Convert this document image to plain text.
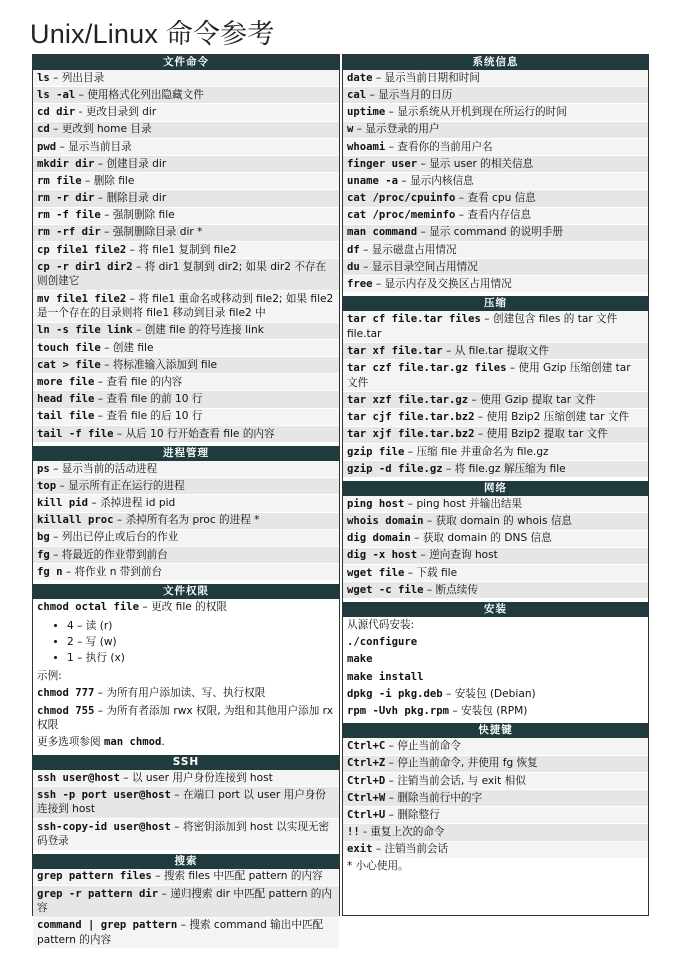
Unix/Linux 命令参考
文件命令
ls – 列出目录
ls -al – 使用格式化列出隐藏文件
cd dir - 更改目录到 dir
cd – 更改到 home 目录
pwd – 显示当前目录
mkdir dir – 创建目录 dir
rm file – 删除 file
rm -r dir – 删除目录 dir
rm -f file – 强制删除 file
rm -rf dir – 强制删除目录 dir *
cp file1 file2 – 将 file1 复制到 file2
cp -r dir1 dir2 – 将 dir1 复制到 dir2; 如果 dir2 不存在则创建它
mv file1 file2 – 将 file1 重命名或移动到 file2; 如果 file2 是一个存在的目录则将 file1 移动到目录 file2 中
ln -s file link – 创建 file 的符号连接 link
touch file – 创建 file
cat > file – 将标准输入添加到 file
more file – 查看 file 的内容
head file – 查看 file 的前 10 行
tail file – 查看 file 的后 10 行
tail -f file – 从后 10 行开始查看 file 的内容
进程管理
ps – 显示当前的活动进程
top – 显示所有正在运行的进程
kill pid – 杀掉进程 id pid
killall proc – 杀掉所有名为 proc 的进程 *
bg – 列出已停止或后台的作业
fg – 将最近的作业带到前台
fg n – 将作业 n 带到前台
文件权限
chmod octal file – 更改 file 的权限
• 4 – 读 (r)
• 2 – 写 (w)
• 1 – 执行 (x)
示例:
chmod 777 – 为所有用户添加读、写、执行权限
chmod 755 – 为所有者添加 rwx 权限, 为组和其他用户添加 rx 权限
更多选项参阅 man chmod.
SSH
ssh user@host – 以 user 用户身份连接到 host
ssh -p port user@host – 在端口 port 以 user 用户身份连接到 host
ssh-copy-id user@host – 将密钥添加到 host 以实现无密码登录
搜索
grep pattern files – 搜索 files 中匹配 pattern 的内容
grep -r pattern dir – 递归搜索 dir 中匹配 pattern 的内容
command | grep pattern – 搜索 command 输出中匹配 pattern 的内容
系统信息
date – 显示当前日期和时间
cal – 显示当月的日历
uptime – 显示系统从开机到现在所运行的时间
w – 显示登录的用户
whoami – 查看你的当前用户名
finger user – 显示 user 的相关信息
uname -a – 显示内核信息
cat /proc/cpuinfo – 查看 cpu 信息
cat /proc/meminfo – 查看内存信息
man command – 显示 command 的说明手册
df – 显示磁盘占用情况
du – 显示目录空间占用情况
free – 显示内存及交换区占用情况
压缩
tar cf file.tar files – 创建包含 files 的 tar 文件 file.tar
tar xf file.tar – 从 file.tar 提取文件
tar czf file.tar.gz files – 使用 Gzip 压缩创建 tar 文件
tar xzf file.tar.gz – 使用 Gzip 提取 tar 文件
tar cjf file.tar.bz2 – 使用 Bzip2 压缩创建 tar 文件
tar xjf file.tar.bz2 – 使用 Bzip2 提取 tar 文件
gzip file – 压缩 file 并重命名为 file.gz
gzip -d file.gz – 将 file.gz 解压缩为 file
网络
ping host – ping host 并输出结果
whois domain – 获取 domain 的 whois 信息
dig domain – 获取 domain 的 DNS 信息
dig -x host – 逆向查询 host
wget file – 下载 file
wget -c file – 断点续传
安装
从源代码安装:
./configure
make
make install
dpkg -i pkg.deb – 安装包 (Debian)
rpm -Uvh pkg.rpm – 安装包 (RPM)
快捷键
Ctrl+C – 停止当前命令
Ctrl+Z – 停止当前命令, 并使用 fg 恢复
Ctrl+D – 注销当前会话, 与 exit 相似
Ctrl+W – 删除当前行中的字
Ctrl+U – 删除整行
!! - 重复上次的命令
exit – 注销当前会话
* 小心使用。
